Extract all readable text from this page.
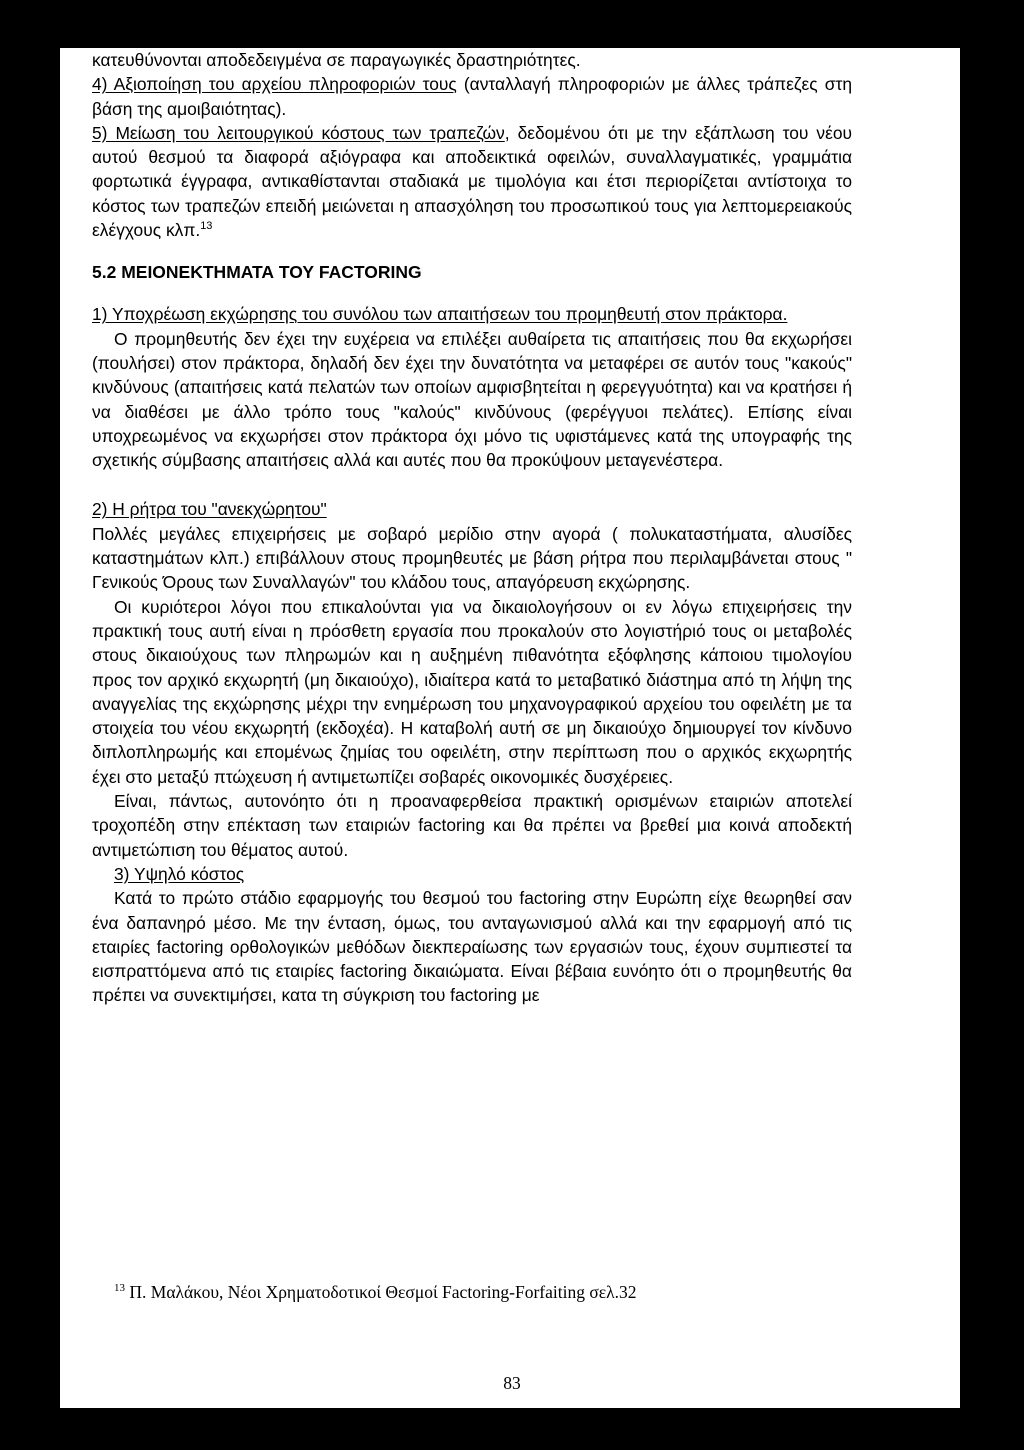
κατευθύνονται αποδεδειγμένα σε παραγωγικές δραστηριότητες.

4) Αξιοποίηση του αρχείου πληροφοριών τους (ανταλλαγή πληροφοριών με άλλες τράπεζες στη βάση της αμοιβαιότητας).

5) Μείωση του λειτουργικού κόστους των τραπεζών, δεδομένου ότι με την εξάπλωση του νέου αυτού θεσμού τα διαφορά αξιόγραφα και αποδεικτικά οφειλών, συναλλαγματικές, γραμμάτια φορτωτικά έγγραφα, αντικαθίστανται σταδιακά με τιμολόγια και έτσι περιορίζεται αντίστοιχα το κόστος των τραπεζών επειδή μειώνεται η απασχόληση του προσωπικού τους για λεπτομερειακούς ελέγχους κλπ.$^{13}$

5.2 ΜΕΙΟΝΕΚΤΗΜΑΤΑ ΤΟΥ FACTORING

1) Υποχρέωση εκχώρησης του συνόλου των απαιτήσεων του προμηθευτή στον πράκτορα.

Ο προμηθευτής δεν έχει την ευχέρεια να επιλέξει αυθαίρετα τις απαιτήσεις που θα εκχωρήσει (πουλήσει) στον πράκτορα, δηλαδή δεν έχει την δυνατότητα να μεταφέρει σε αυτόν τους "κακούς" κινδύνους (απαιτήσεις κατά πελατών των οποίων αμφισβητείται η φερεγγυότητα) και να κρατήσει ή να διαθέσει με άλλο τρόπο τους "καλούς" κινδύνους (φερέγγυοι πελάτες). Επίσης είναι υποχρεωμένος να εκχωρήσει στον πράκτορα όχι μόνο τις υφιστάμενες κατά της υπογραφής της σχετικής σύμβασης απαιτήσεις αλλά και αυτές που θα προκύψουν μεταγενέστερα.

2) Η ρήτρα του "ανεκχώρητου"

Πολλές μεγάλες επιχειρήσεις με σοβαρό μερίδιο στην αγορά ( πολυκαταστήματα, αλυσίδες καταστημάτων κλπ.) επιβάλλουν στους προμηθευτές με βάση ρήτρα που περιλαμβάνεται στους " Γενικούς Όρους των Συναλλαγών" του κλάδου τους, απαγόρευση εκχώρησης.

Οι κυριότεροι λόγοι που επικαλούνται για να δικαιολογήσουν οι εν λόγω επιχειρήσεις την πρακτική τους αυτή είναι η πρόσθετη εργασία που προκαλούν στο λογιστήριό τους οι μεταβολές στους δικαιούχους των πληρωμών και η αυξημένη πιθανότητα εξόφλησης κάποιου τιμολογίου προς τον αρχικό εκχωρητή (μη δικαιούχο), ιδιαίτερα κατά το μεταβατικό διάστημα από τη λήψη της αναγγελίας της εκχώρησης μέχρι την ενημέρωση του μηχανογραφικού αρχείου του οφειλέτη με τα στοιχεία του νέου εκχωρητή (εκδοχέα). Η καταβολή αυτή σε μη δικαιούχο δημιουργεί τον κίνδυνο διπλοπληρωμής και επομένως ζημίας του οφειλέτη, στην περίπτωση που ο αρχικός εκχωρητής έχει στο μεταξύ πτώχευση ή αντιμετωπίζει σοβαρές οικονομικές δυσχέρειες.

Είναι, πάντως, αυτονόητο ότι η προαναφερθείσα πρακτική ορισμένων εταιριών αποτελεί τροχοπέδη στην επέκταση των εταιριών factoring και θα πρέπει να βρεθεί μια κοινά αποδεκτή αντιμετώπιση του θέματος αυτού.

3) Υψηλό κόστος

Κατά το πρώτο στάδιο εφαρμογής του θεσμού του factoring στην Ευρώπη είχε θεωρηθεί σαν ένα δαπανηρό μέσο. Με την ένταση, όμως, του ανταγωνισμού αλλά και την εφαρμογή από τις εταιρίες factoring ορθολογικών μεθόδων διεκπεραίωσης των εργασιών τους, έχουν συμπιεστεί τα εισπραττόμενα από τις εταιρίες factoring δικαιώματα. Είναι βέβαια ευνόητο ότι ο προμηθευτής θα πρέπει να συνεκτιμήσει, κατα τη σύγκριση του factoring με

$^{13}$ Π. Μαλάκου, Νέοι Χρηματοδοτικοί Θεσμοί Factoring-Forfaiting σελ.32
83
